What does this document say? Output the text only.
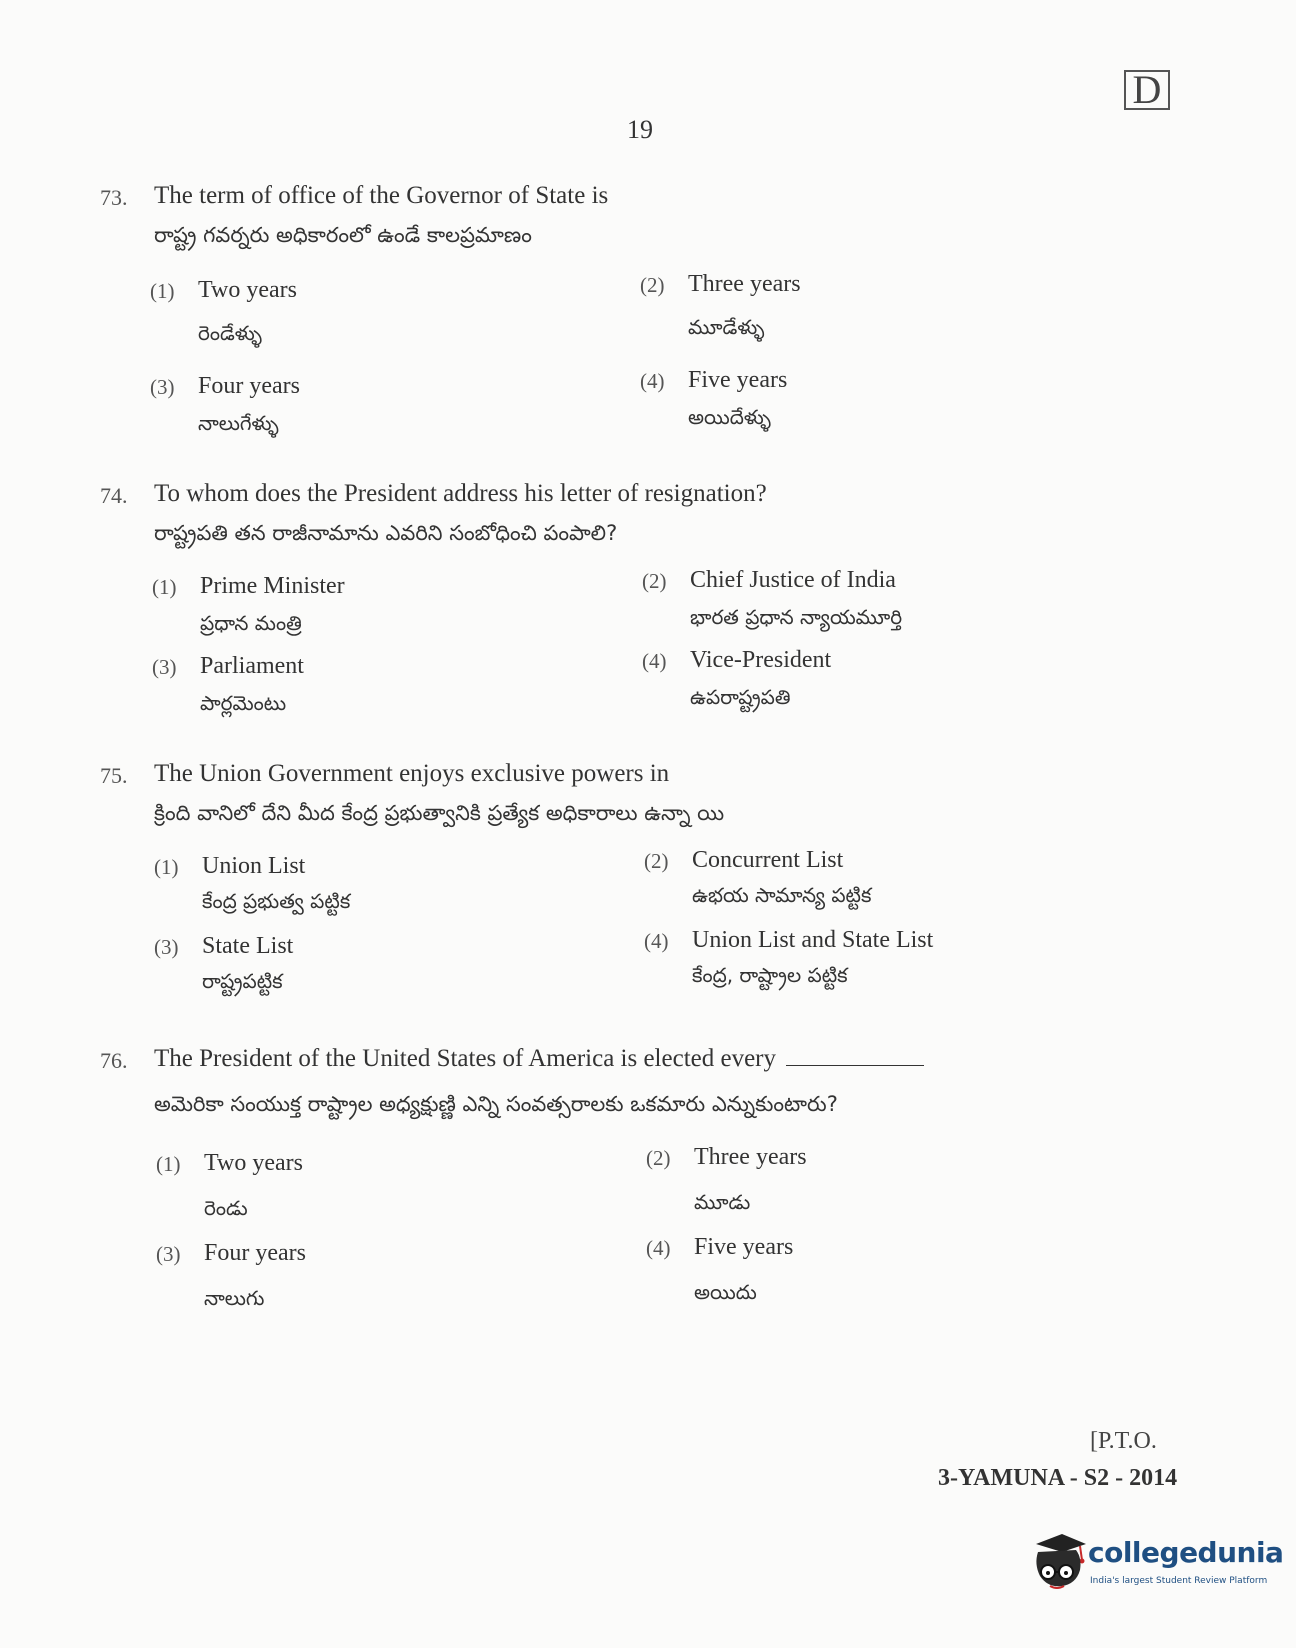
D
19
73. The term of office of the Governor of State is
రాష్ట్ర గవర్నరు అధికారంలో ఉండే కాలప్రమాణం
(1) Two years
రెండేళ్ళు
(2) Three years
మూడేళ్ళు
(3) Four years
నాలుగేళ్ళు
(4) Five years
అయిదేళ్ళు
74. To whom does the President address his letter of resignation?
రాష్ట్రపతి తన రాజీనామాను ఎవరిని సంబోధించి పంపాలి?
(1) Prime Minister
ప్రధాన మంత్రి
(2) Chief Justice of India
భారత ప్రధాన న్యాయమూర్తి
(3) Parliament
పార్లమెంటు
(4) Vice-President
ఉపరాష్ట్రపతి
75. The Union Government enjoys exclusive powers in
క్రింది వానిలో దేని మీద కేంద్ర ప్రభుత్వానికి ప్రత్యేక అధికారాలు ఉన్నా యి
(1) Union List
కేంద్ర ప్రభుత్వ పట్టిక
(2) Concurrent List
ఉభయ సామాన్య పట్టిక
(3) State List
రాష్ట్రపట్టిక
(4) Union List and State List
కేంద్ర, రాష్ట్రాల పట్టిక
76. The President of the United States of America is elected every
అమెరికా సంయుక్త రాష్ట్రాల అధ్యక్షుణ్ణి ఎన్ని సంవత్సరాలకు ఒకమారు ఎన్నుకుంటారు?
(1) Two years
రెండు
(2) Three years
మూడు
(3) Four years
నాలుగు
(4) Five years
అయిదు
[P.T.O.
3-YAMUNA - S2 - 2014
collegedunia
India's largest Student Review Platform
